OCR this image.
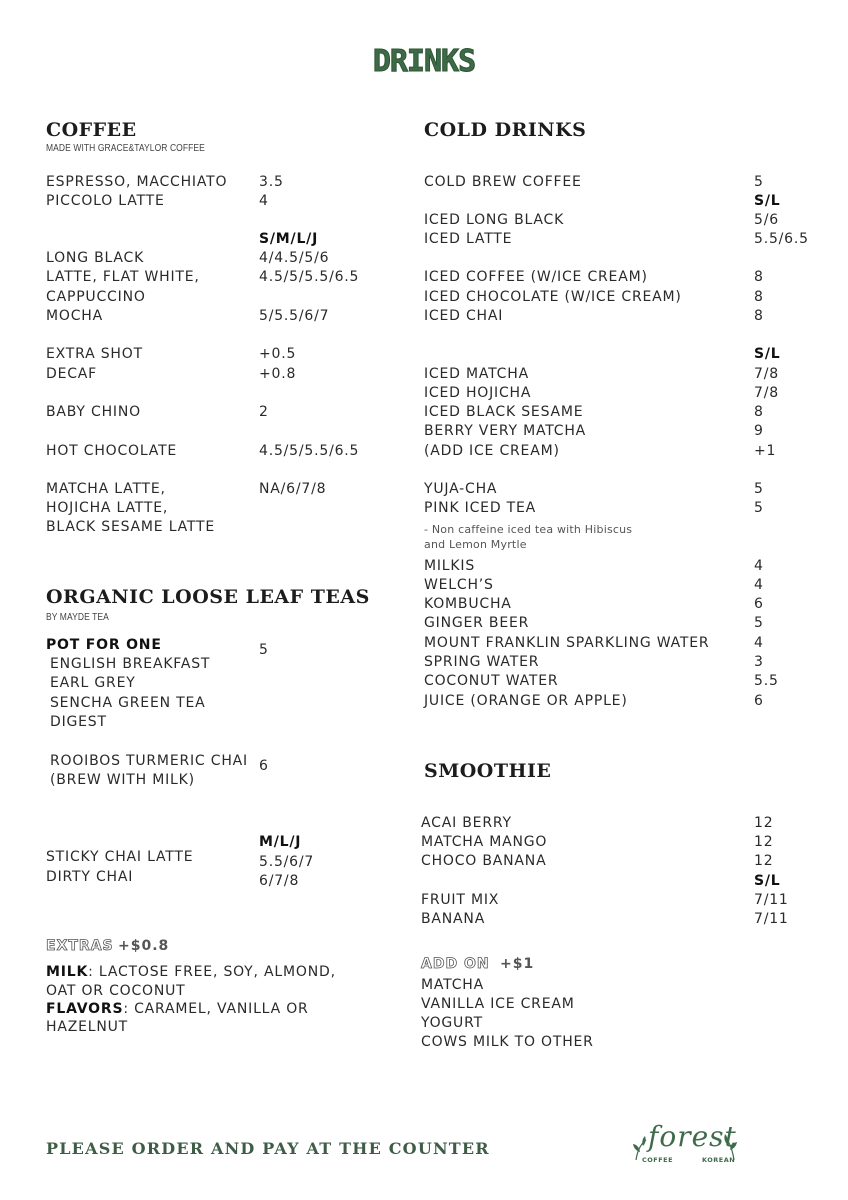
DRINKS
COFFEE
MADE WITH GRACE&TAYLOR COFFEE
ESPRESSO, MACCHIATO 3.5
PICCOLO LATTE	4
S/M/L/J
LONG BLACK	4/4.5/5/6
LATTE, FLAT WHITE,	4.5/5/5.5/6.5
CAPPUCCINO
MOCHA	5/5.5/6/7
EXTRA SHOT	+0.5
DECAF	+0.8
BABY CHINO	2
HOT CHOCOLATE	4.5/5/5.5/6.5
MATCHA LATTE,	NA/6/7/8
HOJICHA LATTE,
BLACK SESAME LATTE
ORGANIC LOOSE LEAF TEAS
BY MAYDE TEA
POT FOR ONE	5
ENGLISH BREAKFAST
EARL GREY
SENCHA GREEN TEA
DIGEST
ROOIBOS TURMERIC CHAI 6
(BREW WITH MILK)
M/L/J
STICKY CHAI LATTE	5.5/6/7
DIRTY CHAI	6/7/8
EXTRAS +$0.8
MILK: LACTOSE FREE, SOY, ALMOND,
OAT OR COCONUT
FLAVORS: CARAMEL, VANILLA OR
HAZELNUT
COLD DRINKS
COLD BREW COFFEE	5
S/L
ICED LONG BLACK	5/6
ICED LATTE	5.5/6.5
ICED COFFEE (W/ICE CREAM)	8
ICED CHOCOLATE (W/ICE CREAM)	8
ICED CHAI	8
S/L
ICED MATCHA	7/8
ICED HOJICHA	7/8
ICED BLACK SESAME	8
BERRY VERY MATCHA	9
(ADD ICE CREAM)	+1
YUJA-CHA	5
PINK ICED TEA	5
- Non caffeine iced tea with Hibiscus
and Lemon Myrtle
MILKIS	4
WELCH’S	4
KOMBUCHA	6
GINGER BEER	5
MOUNT FRANKLIN SPARKLING WATER	4
SPRING WATER	3
COCONUT WATER	5.5
JUICE (ORANGE OR APPLE)	6
SMOOTHIE
ACAI BERRY	12
MATCHA MANGO	12
CHOCO BANANA	12
S/L
FRUIT MIX	7/11
BANANA	7/11
ADD ON +$1
MATCHA
VANILLA ICE CREAM
YOGURT
COWS MILK TO OTHER
PLEASE ORDER AND PAY AT THE COUNTER	forest
COFFEE	KOREAN
